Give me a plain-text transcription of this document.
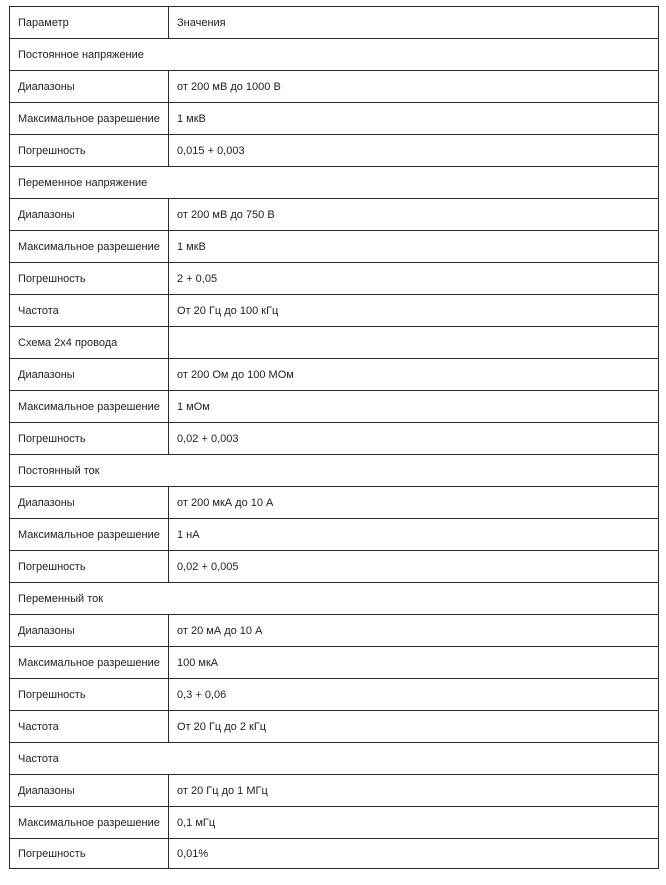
Параметр	Значения
Постоянное напряжение	
Диапазоны	от 200 мВ до 1000 В
Максимальное разрешение	1 мкВ
Погрешность	0,015 + 0,003
Переменное напряжение	
Диапазоны	от 200 мВ до 750 В
Максимальное разрешение	1 мкВ
Погрешность	2 + 0,05
Частота	От 20 Гц до 100 кГц
Схема 2х4 провода	
Диапазоны	от 200 Ом до 100 МОм
Максимальное разрешение	1 мОм
Погрешность	0,02 + 0,003
Постоянный ток	
Диапазоны	от 200 мкА до 10 А
Максимальное разрешение	1 нА
Погрешность	0,02 + 0,005
Переменный ток	
Диапазоны	от 20 мА до 10 А
Максимальное разрешение	100 мкА
Погрешность	0,3 + 0,06
Частота	От 20 Гц до 2 кГц
Частота	
Диапазоны	от 20 Гц до 1 МГц
Максимальное разрешение	0,1 мГц
Погрешность	0,01%
